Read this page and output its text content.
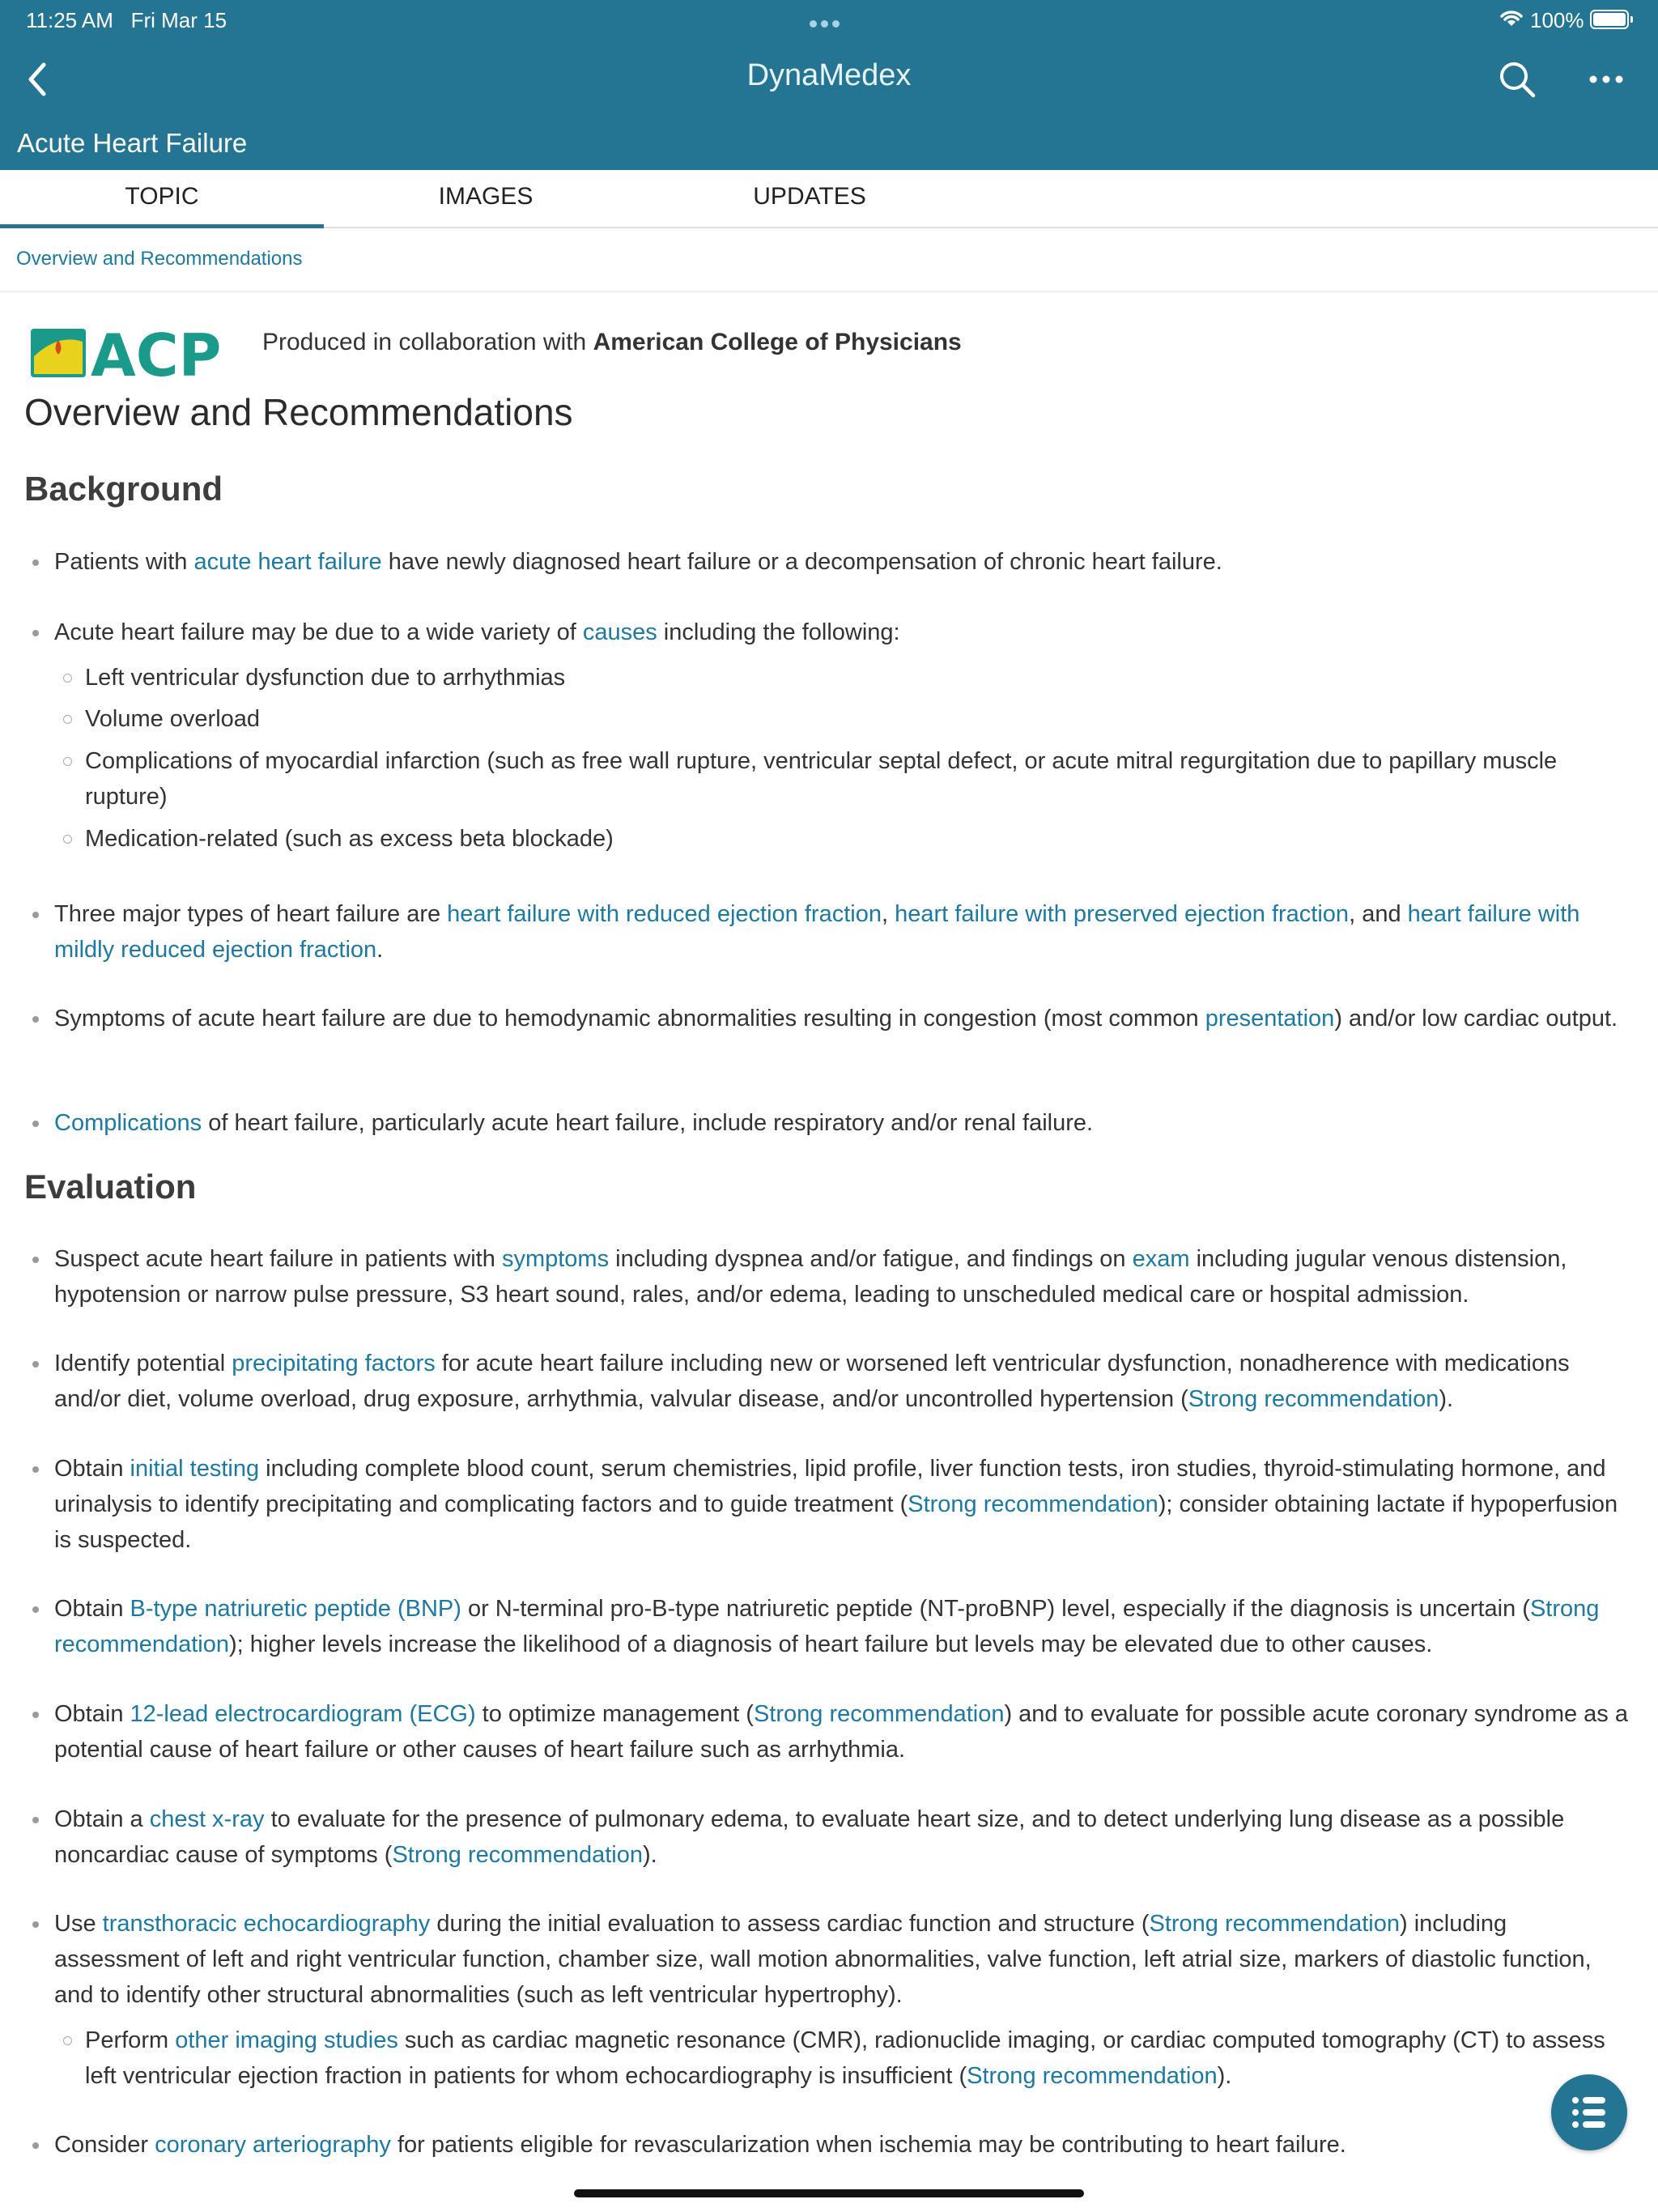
11:25 AM Fri Mar 15	100%
DynaMedex
Acute Heart Failure
TOPIC	IMAGES	UPDATES
Overview and Recommendations
ACP Produced in collaboration with American College of Physicians
Overview and Recommendations
Background
Patients with acute heart failure have newly diagnosed heart failure or a decompensation of chronic heart failure.
Acute heart failure may be due to a wide variety of causes including the following:
Left ventricular dysfunction due to arrhythmias
Volume overload
Complications of myocardial infarction (such as free wall rupture, ventricular septal defect, or acute mitral regurgitation due to papillary muscle rupture)
Medication-related (such as excess beta blockade)
Three major types of heart failure are heart failure with reduced ejection fraction, heart failure with preserved ejection fraction, and heart failure with mildly reduced ejection fraction.
Symptoms of acute heart failure are due to hemodynamic abnormalities resulting in congestion (most common presentation) and/or low cardiac output.
Complications of heart failure, particularly acute heart failure, include respiratory and/or renal failure.
Evaluation
Suspect acute heart failure in patients with symptoms including dyspnea and/or fatigue, and findings on exam including jugular venous distension, hypotension or narrow pulse pressure, S3 heart sound, rales, and/or edema, leading to unscheduled medical care or hospital admission.
Identify potential precipitating factors for acute heart failure including new or worsened left ventricular dysfunction, nonadherence with medications and/or diet, volume overload, drug exposure, arrhythmia, valvular disease, and/or uncontrolled hypertension (Strong recommendation).
Obtain initial testing including complete blood count, serum chemistries, lipid profile, liver function tests, iron studies, thyroid-stimulating hormone, and urinalysis to identify precipitating and complicating factors and to guide treatment (Strong recommendation); consider obtaining lactate if hypoperfusion is suspected.
Obtain B-type natriuretic peptide (BNP) or N-terminal pro-B-type natriuretic peptide (NT-proBNP) level, especially if the diagnosis is uncertain (Strong recommendation); higher levels increase the likelihood of a diagnosis of heart failure but levels may be elevated due to other causes.
Obtain 12-lead electrocardiogram (ECG) to optimize management (Strong recommendation) and to evaluate for possible acute coronary syndrome as a potential cause of heart failure or other causes of heart failure such as arrhythmia.
Obtain a chest x-ray to evaluate for the presence of pulmonary edema, to evaluate heart size, and to detect underlying lung disease as a possible noncardiac cause of symptoms (Strong recommendation).
Use transthoracic echocardiography during the initial evaluation to assess cardiac function and structure (Strong recommendation) including assessment of left and right ventricular function, chamber size, wall motion abnormalities, valve function, left atrial size, markers of diastolic function, and to identify other structural abnormalities (such as left ventricular hypertrophy).
Perform other imaging studies such as cardiac magnetic resonance (CMR), radionuclide imaging, or cardiac computed tomography (CT) to assess left ventricular ejection fraction in patients for whom echocardiography is insufficient (Strong recommendation).
Consider coronary arteriography for patients eligible for revascularization when ischemia may be contributing to heart failure.
